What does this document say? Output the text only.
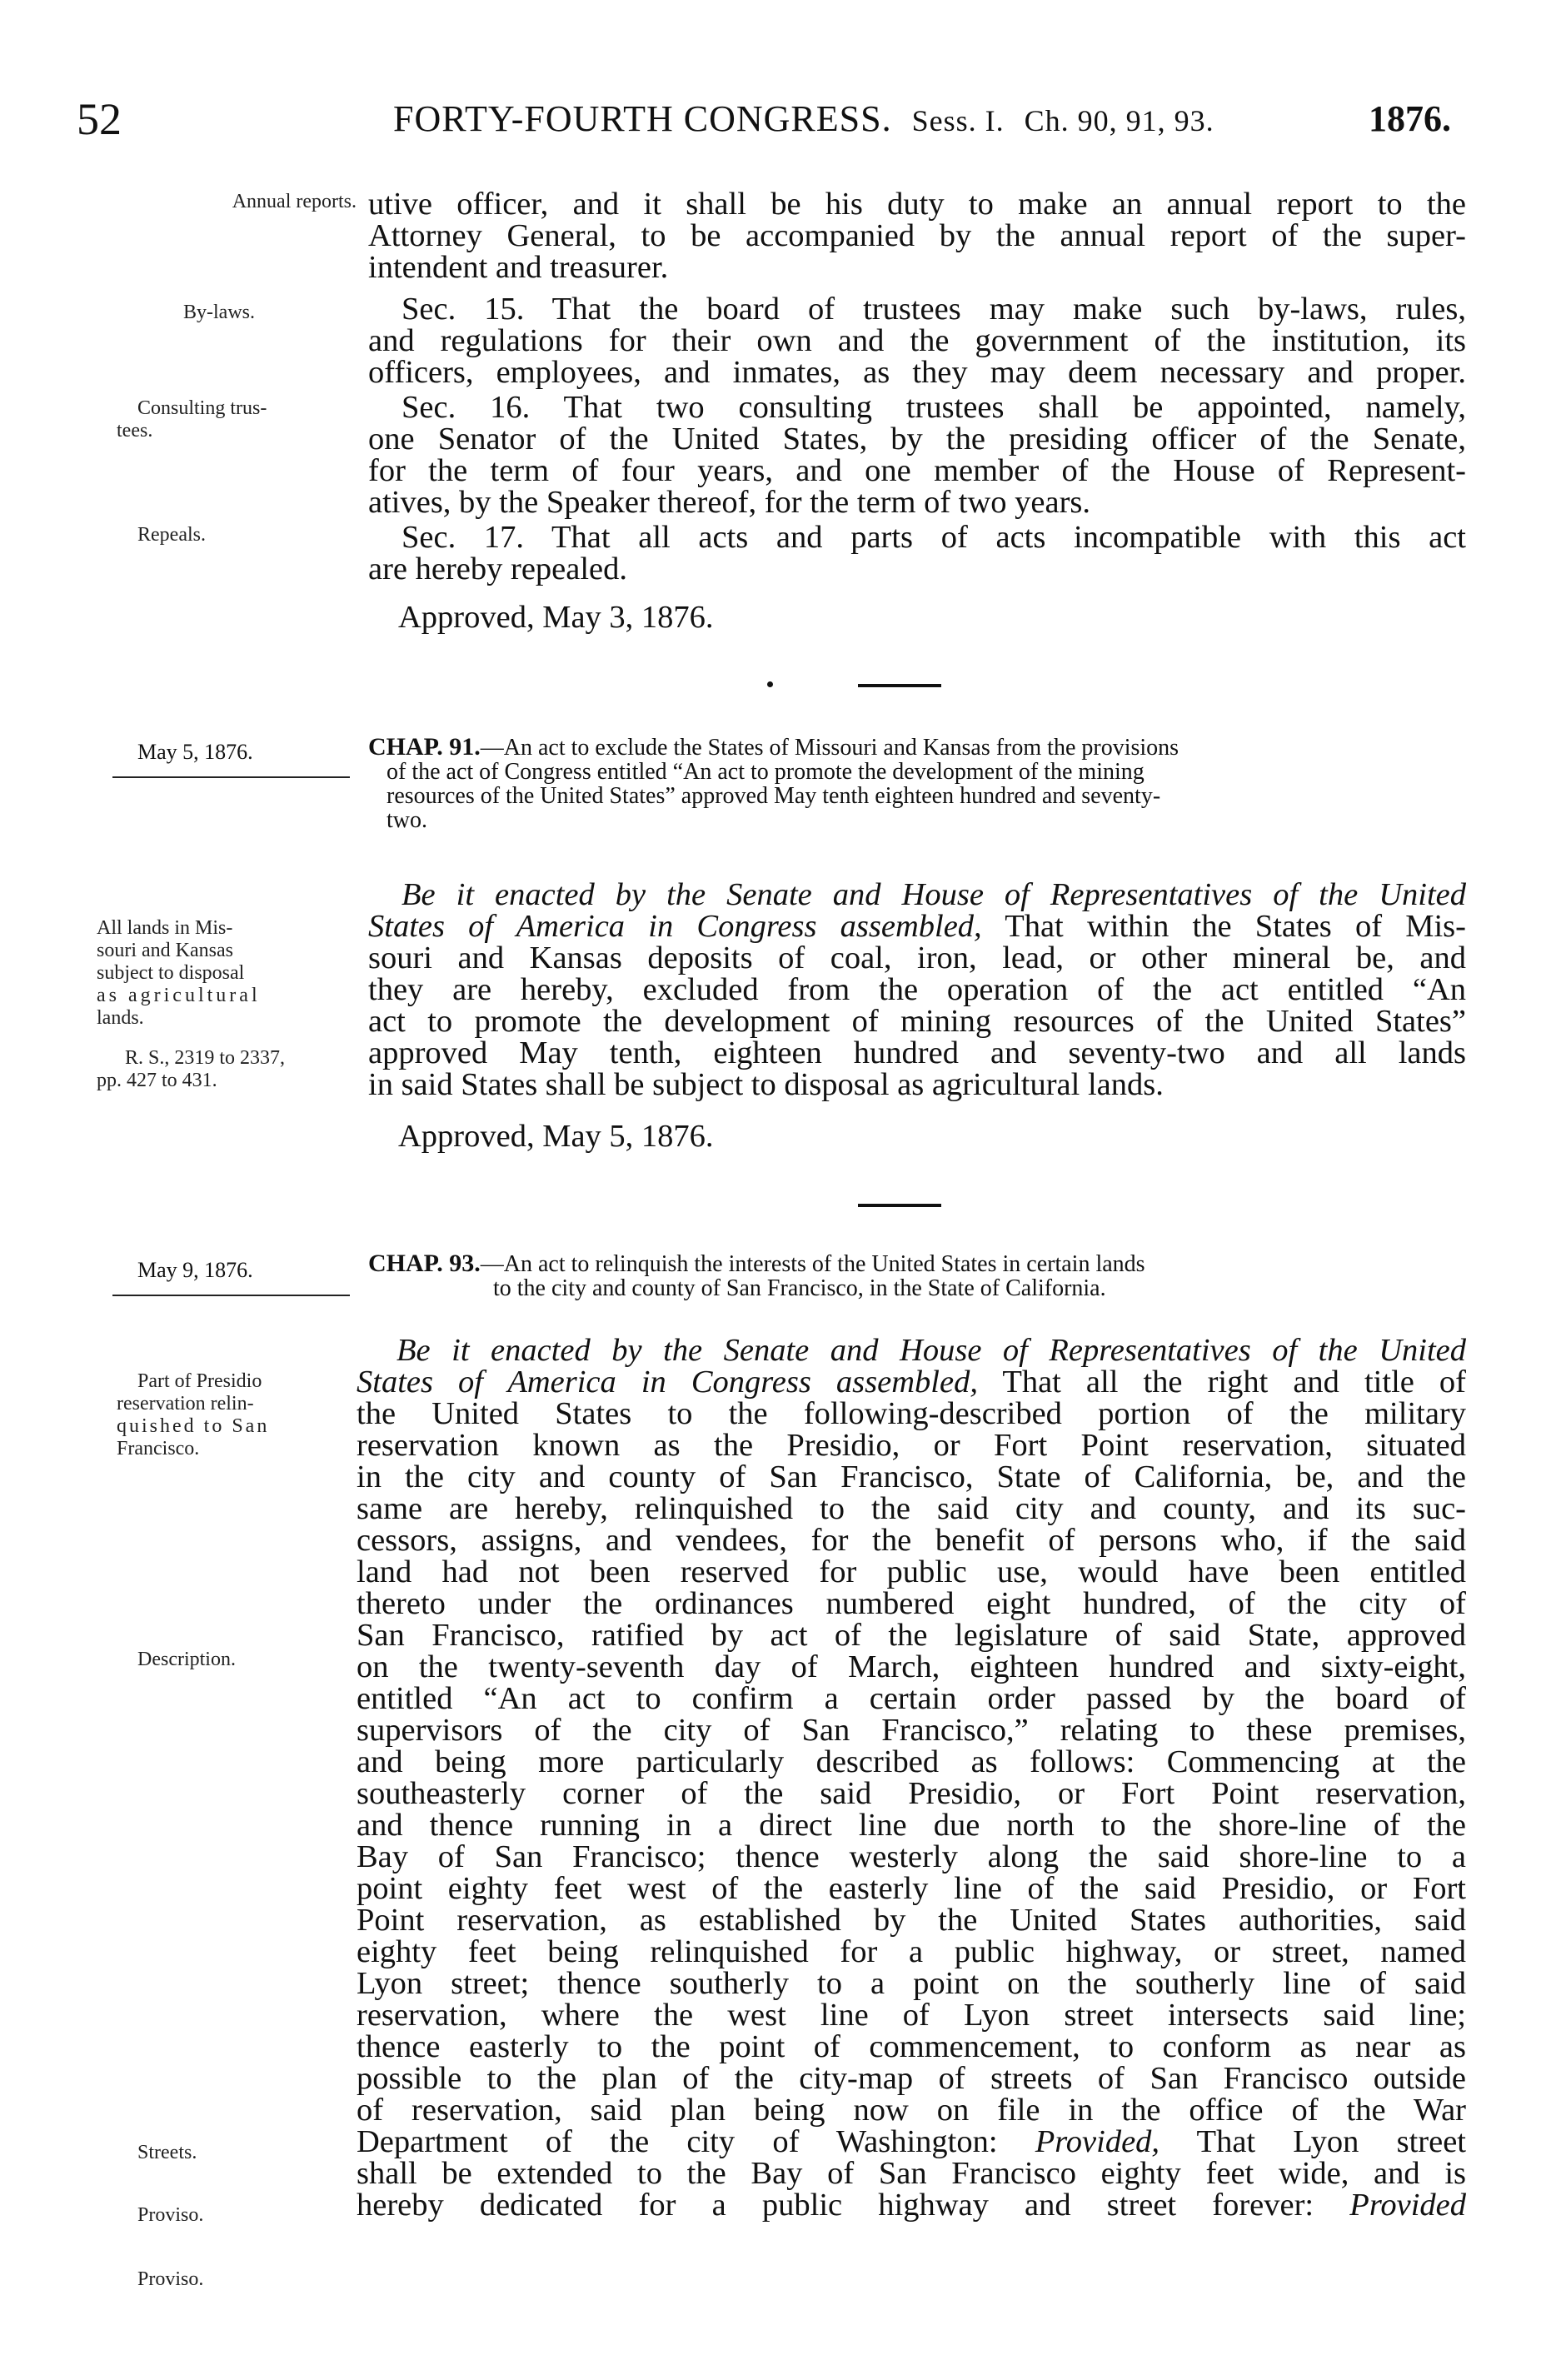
52	FORTY-FOURTH CONGRESS. Sess. I. Ch. 90, 91, 93.	1876.
Annual reports.
By-laws.
Consulting trus-
tees.
Repeals.

utive officer, and it shall be his duty to make an annual report to the

Attorney General, to be accompanied by the annual report of the super-

intendent and treasurer.

Sec. 15. That the board of trustees may make such by-laws, rules,

and regulations for their own and the government of the institution, its

officers, employees, and inmates, as they may deem necessary and proper.

Sec. 16. That two consulting trustees shall be appointed, namely,

one Senator of the United States, by the presiding officer of the Senate,

for the term of four years, and one member of the House of Represent-

atives, by the Speaker thereof, for the term of two years.

Sec. 17. That all acts and parts of acts incompatible with this act

are hereby repealed.

Approved, May 3, 1876.
May 5, 1876.	CHAP. 91.—An act to exclude the States of Missouri and Kansas from the provisions

of the act of Congress entitled “An act to promote the development of the mining

resources of the United States” approved May tenth eighteen hundred and seventy-

two.

All lands in Mis-
souri and Kansas
subject to disposal
as agricultural
lands.
R. S., 2319 to 2337,
pp. 427 to 431.

Be it enacted by the Senate and House of Representatives of the United

States of America in Congress assembled, That within the States of Mis-

souri and Kansas deposits of coal, iron, lead, or other mineral be, and

they are hereby, excluded from the operation of the act entitled “An

act to promote the development of mining resources of the United States”

approved May tenth, eighteen hundred and seventy-two and all lands

in said States shall be subject to disposal as agricultural lands.

Approved, May 5, 1876.
May 9, 1876.	CHAP. 93.—An act to relinquish the interests of the United States in certain lands

to the city and county of San Francisco, in the State of California.

Part of Presidio
reservation relin-
quished to San
Francisco.
Description.
Streets.
Proviso.
Proviso.

Be it enacted by the Senate and House of Representatives of the United

States of America in Congress assembled, That all the right and title of

the United States to the following-described portion of the military

reservation known as the Presidio, or Fort Point reservation, situated

in the city and county of San Francisco, State of California, be, and the

same are hereby, relinquished to the said city and county, and its suc-

cessors, assigns, and vendees, for the benefit of persons who, if the said

land had not been reserved for public use, would have been entitled

thereto under the ordinances numbered eight hundred, of the city of

San Francisco, ratified by act of the legislature of said State, approved

on the twenty-seventh day of March, eighteen hundred and sixty-eight,

entitled “An act to confirm a certain order passed by the board of

supervisors of the city of San Francisco,” relating to these premises,

and being more particularly described as follows: Commencing at the

southeasterly corner of the said Presidio, or Fort Point reservation,

and thence running in a direct line due north to the shore-line of the

Bay of San Francisco; thence westerly along the said shore-line to a

point eighty feet west of the easterly line of the said Presidio, or Fort

Point reservation, as established by the United States authorities, said

eighty feet being relinquished for a public highway, or street, named

Lyon street; thence southerly to a point on the southerly line of said

reservation, where the west line of Lyon street intersects said line;

thence easterly to the point of commencement, to conform as near as

possible to the plan of the city-map of streets of San Francisco outside

of reservation, said plan being now on file in the office of the War

Department of the city of Washington: Provided, That Lyon street

shall be extended to the Bay of San Francisco eighty feet wide, and is

hereby dedicated for a public highway and street forever: Provided
